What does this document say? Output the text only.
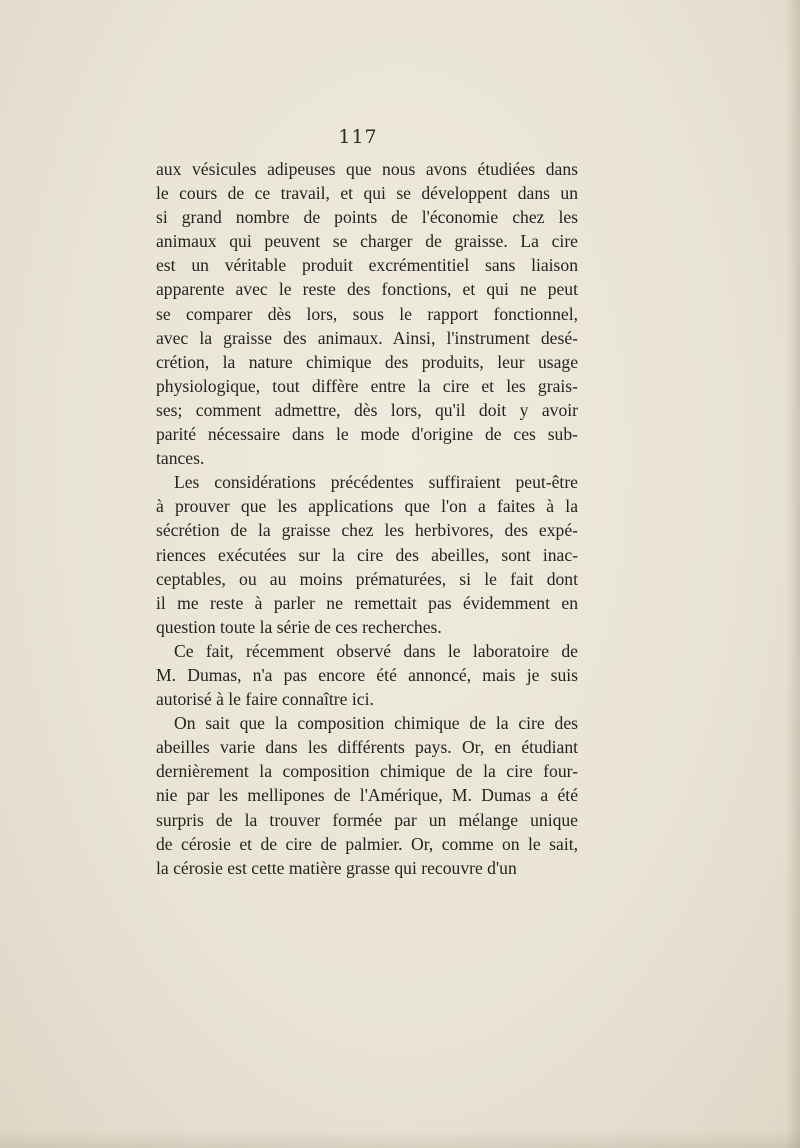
117
aux vésicules adipeuses que nous avons étudiées dans
le cours de ce travail, et qui se développent dans un
si grand nombre de points de l'économie chez les
animaux qui peuvent se charger de graisse. La cire
est un véritable produit excrémentitiel sans liaison
apparente avec le reste des fonctions, et qui ne peut
se comparer dès lors, sous le rapport fonctionnel,
avec la graisse des animaux. Ainsi, l'instrument desé-
crétion, la nature chimique des produits, leur usage
physiologique, tout diffère entre la cire et les grais-
ses; comment admettre, dès lors, qu'il doit y avoir
parité nécessaire dans le mode d'origine de ces sub-
tances.
Les considérations précédentes suffiraient peut-être
à prouver que les applications que l'on a faites à la
sécrétion de la graisse chez les herbivores, des expé-
riences exécutées sur la cire des abeilles, sont inac-
ceptables, ou au moins prématurées, si le fait dont
il me reste à parler ne remettait pas évidemment en
question toute la série de ces recherches.
Ce fait, récemment observé dans le laboratoire de
M. Dumas, n'a pas encore été annoncé, mais je suis
autorisé à le faire connaître ici.
On sait que la composition chimique de la cire des
abeilles varie dans les différents pays. Or, en étudiant
dernièrement la composition chimique de la cire four-
nie par les mellipones de l'Amérique, M. Dumas a été
surpris de la trouver formée par un mélange unique
de cérosie et de cire de palmier. Or, comme on le sait,
la cérosie est cette matière grasse qui recouvre d'un
